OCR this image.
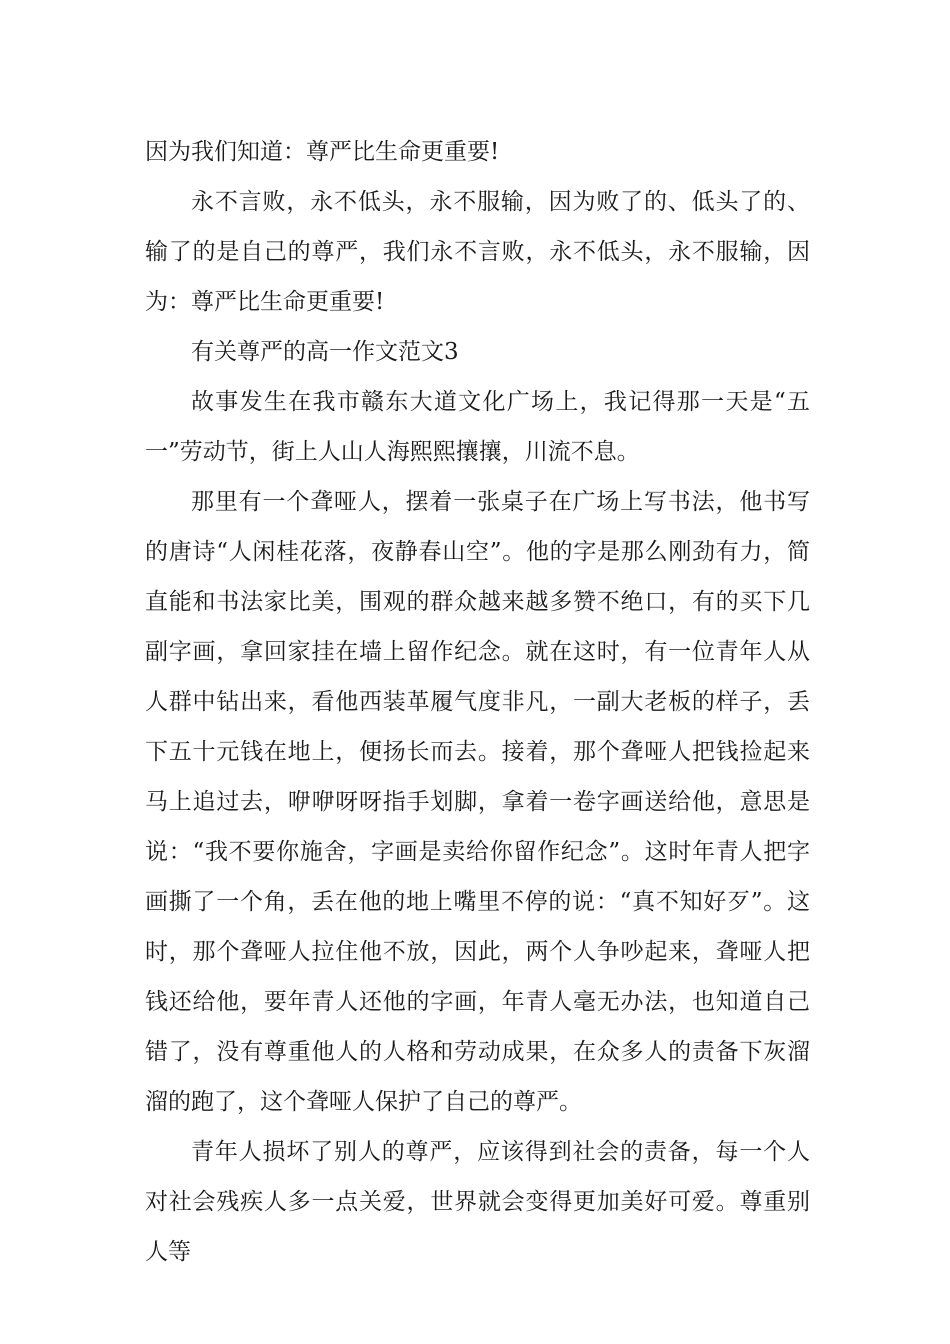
因为我们知道：尊严比生命更重要!

永不言败，永不低头，永不服输，因为败了的、低头了的、输了的是自己的尊严，我们永不言败，永不低头，永不服输，因为：尊严比生命更重要!

有关尊严的高一作文范文3

故事发生在我市赣东大道文化广场上，我记得那一天是“五一”劳动节，街上人山人海熙熙攘攘，川流不息。

那里有一个聋哑人，摆着一张桌子在广场上写书法，他书写的唐诗“人闲桂花落，夜静春山空”。他的字是那么刚劲有力，简直能和书法家比美，围观的群众越来越多赞不绝口，有的买下几副字画，拿回家挂在墙上留作纪念。就在这时，有一位青年人从人群中钻出来，看他西装革履气度非凡，一副大老板的样子，丢下五十元钱在地上，便扬长而去。接着，那个聋哑人把钱捡起来马上追过去，咿咿呀呀指手划脚，拿着一卷字画送给他，意思是说：“我不要你施舍，字画是卖给你留作纪念”。这时年青人把字画撕了一个角，丢在他的地上嘴里不停的说：“真不知好歹”。这时，那个聋哑人拉住他不放，因此，两个人争吵起来，聋哑人把钱还给他，要年青人还他的字画，年青人毫无办法，也知道自己错了，没有尊重他人的人格和劳动成果，在众多人的责备下灰溜溜的跑了，这个聋哑人保护了自己的尊严。

青年人损坏了别人的尊严，应该得到社会的责备，每一个人对社会残疾人多一点关爱，世界就会变得更加美好可爱。尊重别人等
